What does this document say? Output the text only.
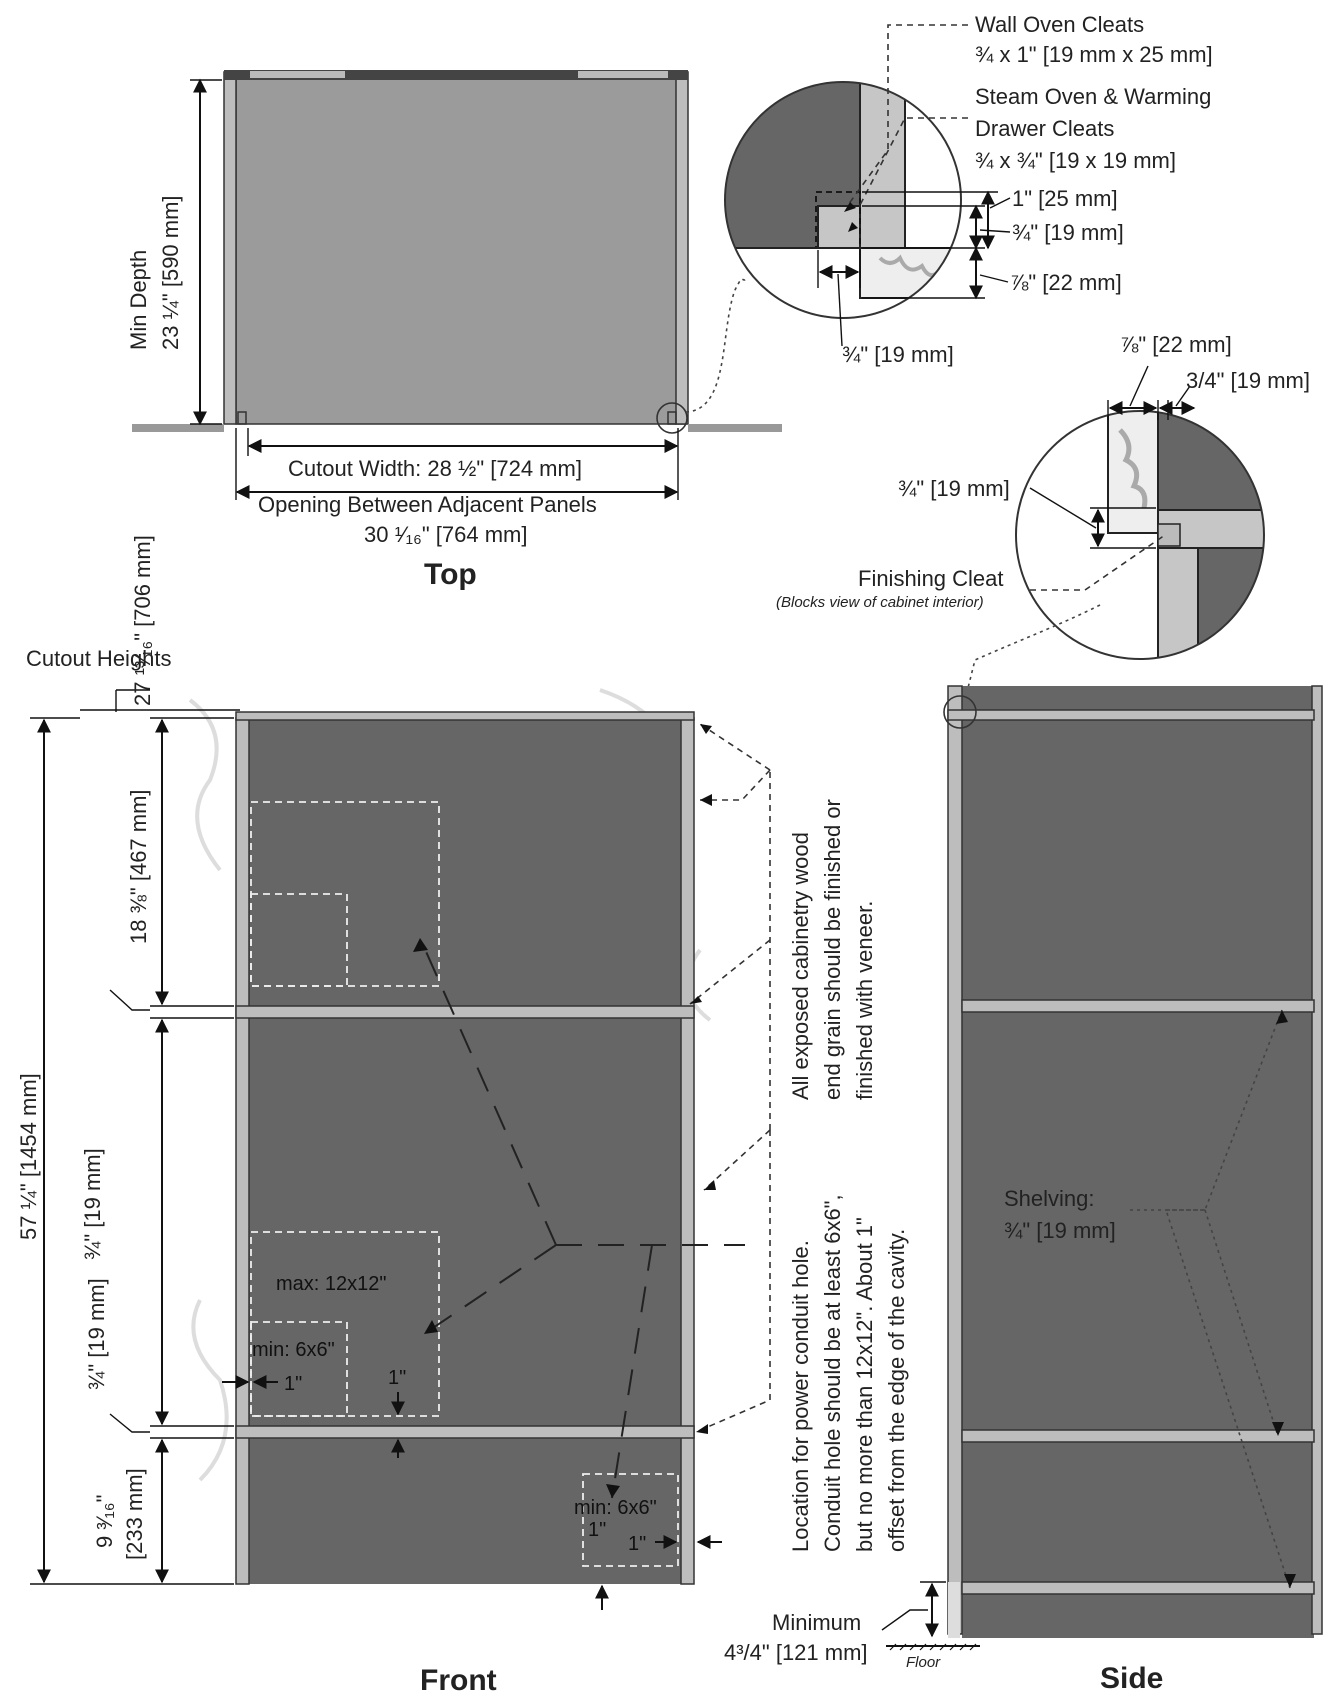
Min Depth 23 ¼" [590 mm]
Cutout Width: 28 ½" [724 mm]
Opening Between Adjacent Panels
30 ¹⁄₁₆" [764 mm]
Top
Wall Oven Cleats
¾ x 1" [19 mm x 25 mm]
Steam Oven & Warming
Drawer Cleats
¾ x ¾" [19 x 19 mm]
1" [25 mm]
¾" [19 mm]
⅞" [22 mm]
¾" [19 mm]	⅞" [22 mm]
3/4" [19 mm]
¾" [19 mm]
Finishing Cleat
(Blocks view of cabinet interior)
max: 12x12"
min: 6x6"
min: 6x6"
1"	1"
1"
1"
Cutout Heights
27 ¹³⁄₁₆" [706 mm]
18 ⅜" [467 mm]
¾" [19 mm]
¾" [19 mm]
9 ³⁄₁₆" [233 mm]
57 ¼" [1454 mm]
Front
All exposed cabinetry wood end grain should be finished or finished with veneer.
Location for power conduit hole. Conduit hole should be at least 6x6", but no more than 12x12". About 1" offset from the edge of the cavity.
Shelving:
¾" [19 mm]
Minimum
4³/4" [121 mm]	Floor	Side
